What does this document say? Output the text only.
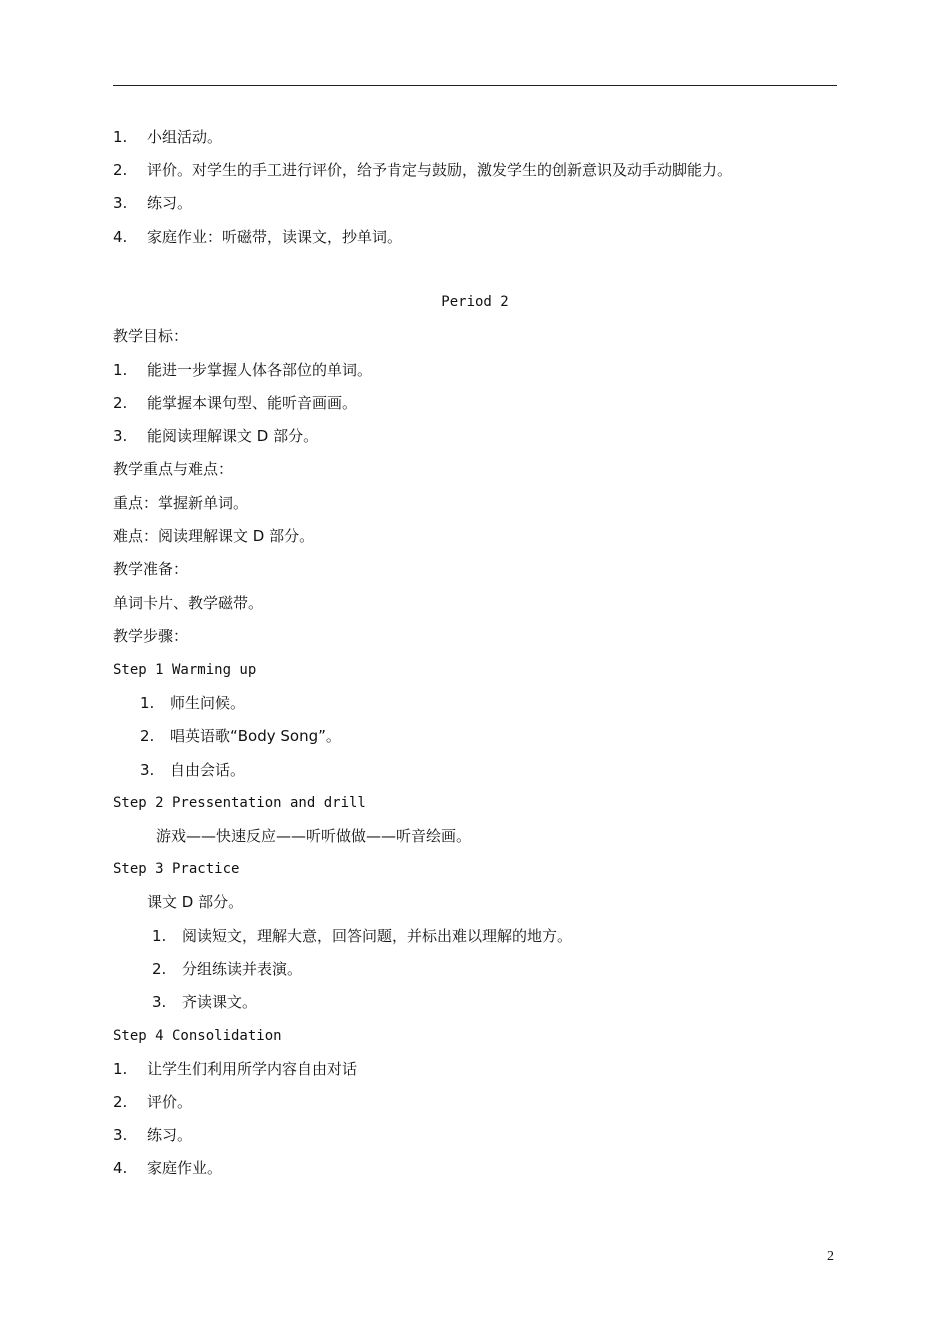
1. 小组活动。
2. 评价。对学生的手工进行评价，给予肯定与鼓励，激发学生的创新意识及动手动脚能力。
3. 练习。
4. 家庭作业：听磁带，读课文，抄单词。
Period 2
教学目标：
1. 能进一步掌握人体各部位的单词。
2. 能掌握本课句型、能听音画画。
3. 能阅读理解课文 D 部分。
教学重点与难点：
重点：掌握新单词。
难点：阅读理解课文 D 部分。
教学准备：
单词卡片、教学磁带。
教学步骤：
Step 1 Warming up
1. 师生问候。
2. 唱英语歌“Body Song”。
3. 自由会话。
Step 2 Pressentation and drill
游戏——快速反应——听听做做——听音绘画。
Step 3 Practice
课文 D 部分。
1. 阅读短文，理解大意，回答问题，并标出难以理解的地方。
2. 分组练读并表演。
3. 齐读课文。
Step 4 Consolidation
1. 让学生们利用所学内容自由对话
2. 评价。
3. 练习。
4. 家庭作业。
2
